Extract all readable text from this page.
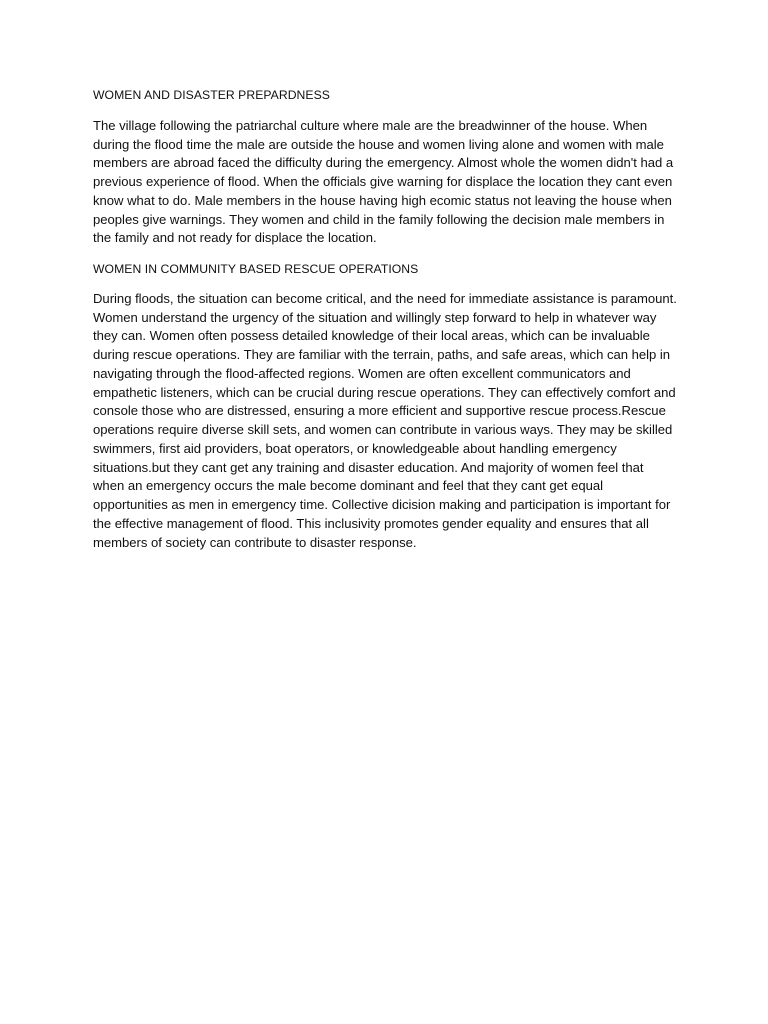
WOMEN AND DISASTER PREPARDNESS

The village following the patriarchal culture where male are the breadwinner of the house. When during the flood time the male are outside the house and women living alone and women with male members are abroad faced the difficulty during the emergency. Almost whole the women didn't had a previous experience of flood. When the officials give warning for displace the location they cant even know what to do. Male members in the house having high ecomic status not leaving the house when peoples give warnings. They women and child in the family following the decision male members in the family and not ready for displace the location.

WOMEN IN COMMUNITY BASED RESCUE OPERATIONS

During floods, the situation can become critical, and the need for immediate assistance is paramount. Women understand the urgency of the situation and willingly step forward to help in whatever way they can. Women often possess detailed knowledge of their local areas, which can be invaluable during rescue operations. They are familiar with the terrain, paths, and safe areas, which can help in navigating through the flood-affected regions. Women are often excellent communicators and empathetic listeners, which can be crucial during rescue operations. They can effectively comfort and console those who are distressed, ensuring a more efficient and supportive rescue process.Rescue operations require diverse skill sets, and women can contribute in various ways. They may be skilled swimmers, first aid providers, boat operators, or knowledgeable about handling emergency situations.but they cant get any training and disaster education. And majority of women feel that when an emergency occurs the male become dominant and feel that they cant get equal opportunities as men in emergency time. Collective dicision making and participation is important for the effective management of flood. This inclusivity promotes gender equality and ensures that all members of society can contribute to disaster response.
